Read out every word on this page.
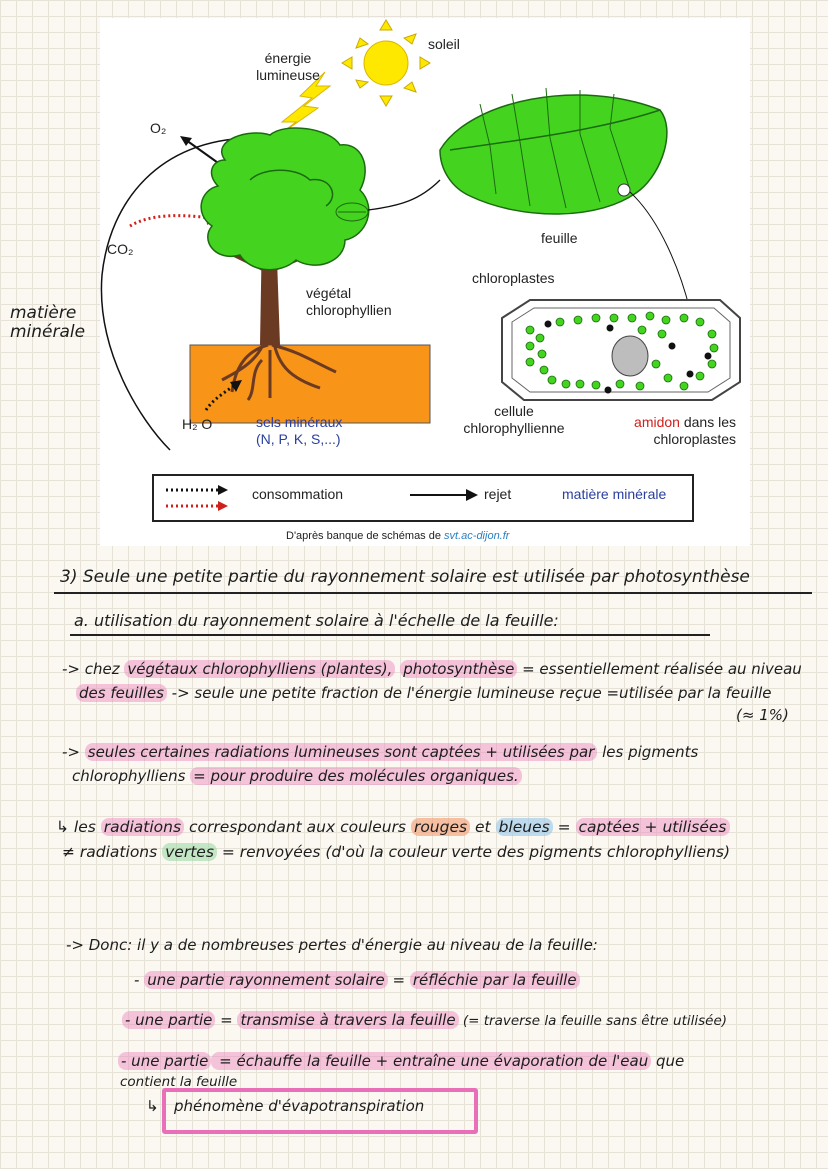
énergie
lumineuse
soleil
O₂
CO₂
feuille
chloroplastes
végétal
chlorophyllien
H₂ O	sels minéraux
(N, P, K, S,...)
cellule
chlorophyllienne	amidon dans les
chloroplastes
matière
minérale
consommation	rejet	matière minérale
D'après banque de schémas de svt.ac-dijon.fr
3) Seule une petite partie du rayonnement solaire est utilisée par photosynthèse
a. utilisation du rayonnement solaire à l'échelle de la feuille:
-> chez végétaux chlorophylliens (plantes), photosynthèse = essentiellement réalisée au niveau
des feuilles -> seule une petite fraction de l'énergie lumineuse reçue =utilisée par la feuille
(≈ 1%)
-> seules certaines radiations lumineuses sont captées + utilisées par les pigments
chlorophylliens = pour produire des molécules organiques.
↳ les radiations correspondant aux couleurs rouges et bleues = captées + utilisées
≠ radiations vertes = renvoyées (d'où la couleur verte des pigments chlorophylliens)
-> Donc: il y a de nombreuses pertes d'énergie au niveau de la feuille:
- une partie rayonnement solaire = réfléchie par la feuille
- une partie = transmise à travers la feuille (= traverse la feuille sans être utilisée)
- une partie = échauffe la feuille + entraîne une évaporation de l'eau que
contient la feuille
↳ phénomène d'évapotranspiration
